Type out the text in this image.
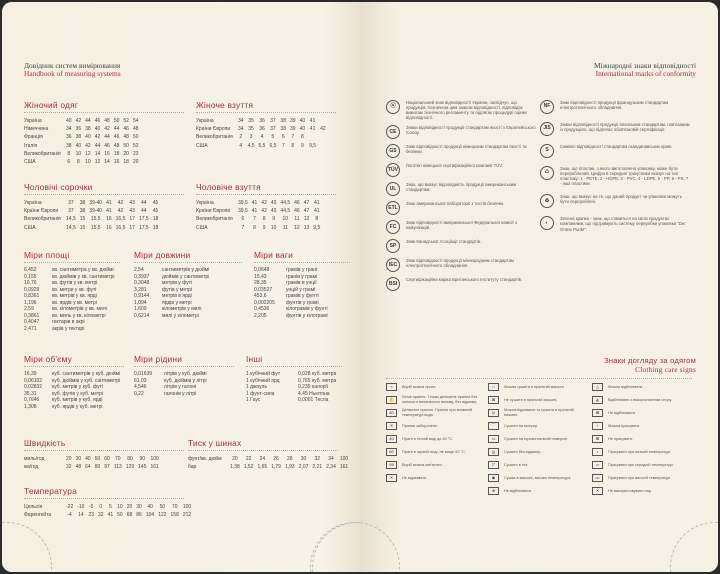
Довідник систем вимірювання
Handbook of measuring systems
Жіночий одяг
Україна	40	42	44	46	48	50	52	54
Німеччина	34	36	38	40	42	44	46	48
Франція	36	38	40	42	44	46	48	50
Італія	38	40	42	44	46	48	50	52
Великобританія	8	10	12	14	16	18	20	22
США	6	8	10	12	14	16	18	20
Жіноче взуття
Україна	34	35	36	37	38	39	40	41	
Країни Європи	34	35	36	37	38	39	40	41	42
Великобританія	2	3	4	5	6	7	8		
США	4	4,5	5,5	6,5	7	8	9	9,5	
Чоловічі сорочки
Україна	37	38	39-40	41	42	43	44	45
Країни Європи	37	38	39-40	41	42	43	44	45
Великобританія	14,5	15	15,5	16	16,5	17	17,5	18
США	14,5	15	15,5	16	16,5	17	17,5	18
Чоловіче взуття
Україна	39,5	41	42	43	44,5	46	47	41
Країни Європи	39,5	41	42	43	44,5	46	47	41
Великобританія	6	7	8	9	10	11	12	8
США	7	8	9	10	11	12	13	9,5
Міри площі
6,452	кв. сантиметра у кв. дюймі
0,155	кв. дюймів у кв. сантиметрі
10,76	кв. футів у кв. метрі
0,0929	кв. метри у кв. футі
0,8361	кв. метрів у кв. ярді
1,196	кв. ярдів у кв. метрі
2,59	кв. кілометрів у кв. милі
0,3861	кв. миль у кв. кілометрі
0,4047	гектарів в акрі
2,471	акрів у гектарі
Міри довжини
2,54	сантиметрів у дюймі
0,3937	дюймів у сантиметрі
0,3048	метрів у футі
3,281	футів у метрі
0,9144	метрів в ярді
1,094	ярдів у метрі
1,609	кілометрів у милі
0,6214	милі у кілометрі
Міри ваги
0,0648	грамів у грані
15,43	гранів у грамі
28,35	грамів в унції
0,03527	унцій у грамі
453,6	грамів у фунті
0,002205	фунтів у грамі
0,4536	кілограмів у фунті
2,205	фунтів у кілограмі
Міри об'єму
16,39	куб. сантиметрів у куб. дюймі
0,06102	куб. дюймів у куб. сантиметрі
0,02832	куб. метрів у куб. футі
35,31	куб. футів у куб. метрі
0,7646	куб. метрів у куб. ярді
1,308	куб. ярдів у куб. метрі
Міри рідини
0,01639	літрів у куб. дюймі
61,03	куб. дюймів у літрі
4,546	літрів у галоні
0,22	галонів у літрі
Інші
1 кубічний фут	0,028 куб. метра
1 кубічний ярд	0,765 куб. метра
1 джоуль	0,239 калорії
1 фунт-сила	4,45 Ньютона
1 Гаус	0,0001 Тесла
Швидкість
миль/год	20	30	40	50	60	70	80	90	100
км/год	32	48	64	80	97	113	129	145	161
Тиск у шинах
фунт/кв. дюйм	20	22	24	26	28	30	32	34	100
бар	1,38	1,52	1,65	1,79	1,93	2,07	2,21	2,34	161
Температура
Цельсія	-22	-10	-5	0	5	10	20	30	40	50	70	100
Фаренгейта	-4	14	23	32	41	50	68	86	104	122	158	212
Міжнародні знаки відповідності
International marks of conformity
ⓤ
Національний знак відповідності України, засвідчує, що продукція, позначена цим знаком відповідності, відповідає вимогам технічного регламенту та підлягає процедурі оцінки відповідності.
CE
Знаки відповідності продукції стандартам якості з Європейського Союзу.
GS
Знак відповідності продукції німецьким стандартам якості та безпеки.
TÜV
Логотип німецької сертифікаційної компанії TÜV.
UL
Знак, що вказує відповідність продукції американським стандартам.
ETL
Знак американської лабораторії з тестів безпеки.
FC
Знак відповідності американської Федеральної комісії з комунікацій.
SP
Знак Канадської Асоціації стандартів.
IEC
Знак відповідності продукції міжнародним стандартам електротехнічного обладнання.
BSI
Сертифікаційна марка Британського Інституту стандартів.
NF
Знак відповідності продукції французьким стандартам електротехнічного обладнання.
JIS
Знаки відповідності продукції японським стандартам, пов'язаним із продукцією, що підлягає обов'язковій сертифікації.
S
Символ відповідності стандартам скандинавських країн.
♺
Знак, що пластик, з якого виготовлено упаковку, може бути перероблений. Цифра в середині трикутника вказує на тип пластику: 1 - PETE, 2 - HDPE, 3 - PVC, 4 - LDPE, 5 - PP, 6 - PS, 7 - інші пластики.
♻
Знак, що вказує на те, що даний продукт чи упаковка можуть бути перероблені.
◐
Зелена крапка - знак, що ставиться на своїх продуктах компаніями, що підтримують систему переробки упаковки "Der Grüne Punkt".
Знаки догляду за одягом
Clothing care signs
≈	Виріб можна прати.
✋	Легке прання. Тільки делікатне прання без сильного механічного впливу, без віджиму.
30	Делікатне прання. Прання при зниженій температурі води.
✕	Прання заборонене.
40	Прати в теплій воді до 40 °С.
60	Прати в гарячій воді, не вище 60 °С.
95	Виріб можна кип'ятити.
✕	Не віджимати.
□	Можна сушити в пральній машині.
⊠	Не сушити в пральній машині.
◎	Можна віджимати та сушити в пральній машині.
⌒	Сушити на мотузці.
▭	Сушити на горизонтальній поверхні.
|||	Сушити без віджиму.
◸	Сушити в тіні.
◉	Сушка в машині, висока температура.
⊗	Не відбілювати.
△	Можна відбілювати.
◭	Відбілювати з використанням хлору.
⊠	Не відбілювати.
⏚	Можна прасувати.
⊠	Не прасувати.
•	Прасувати при низькій температурі.
••	Прасувати при середній температурі.
•••	Прасувати при високій температурі.
✕	Не використовувати пар.
